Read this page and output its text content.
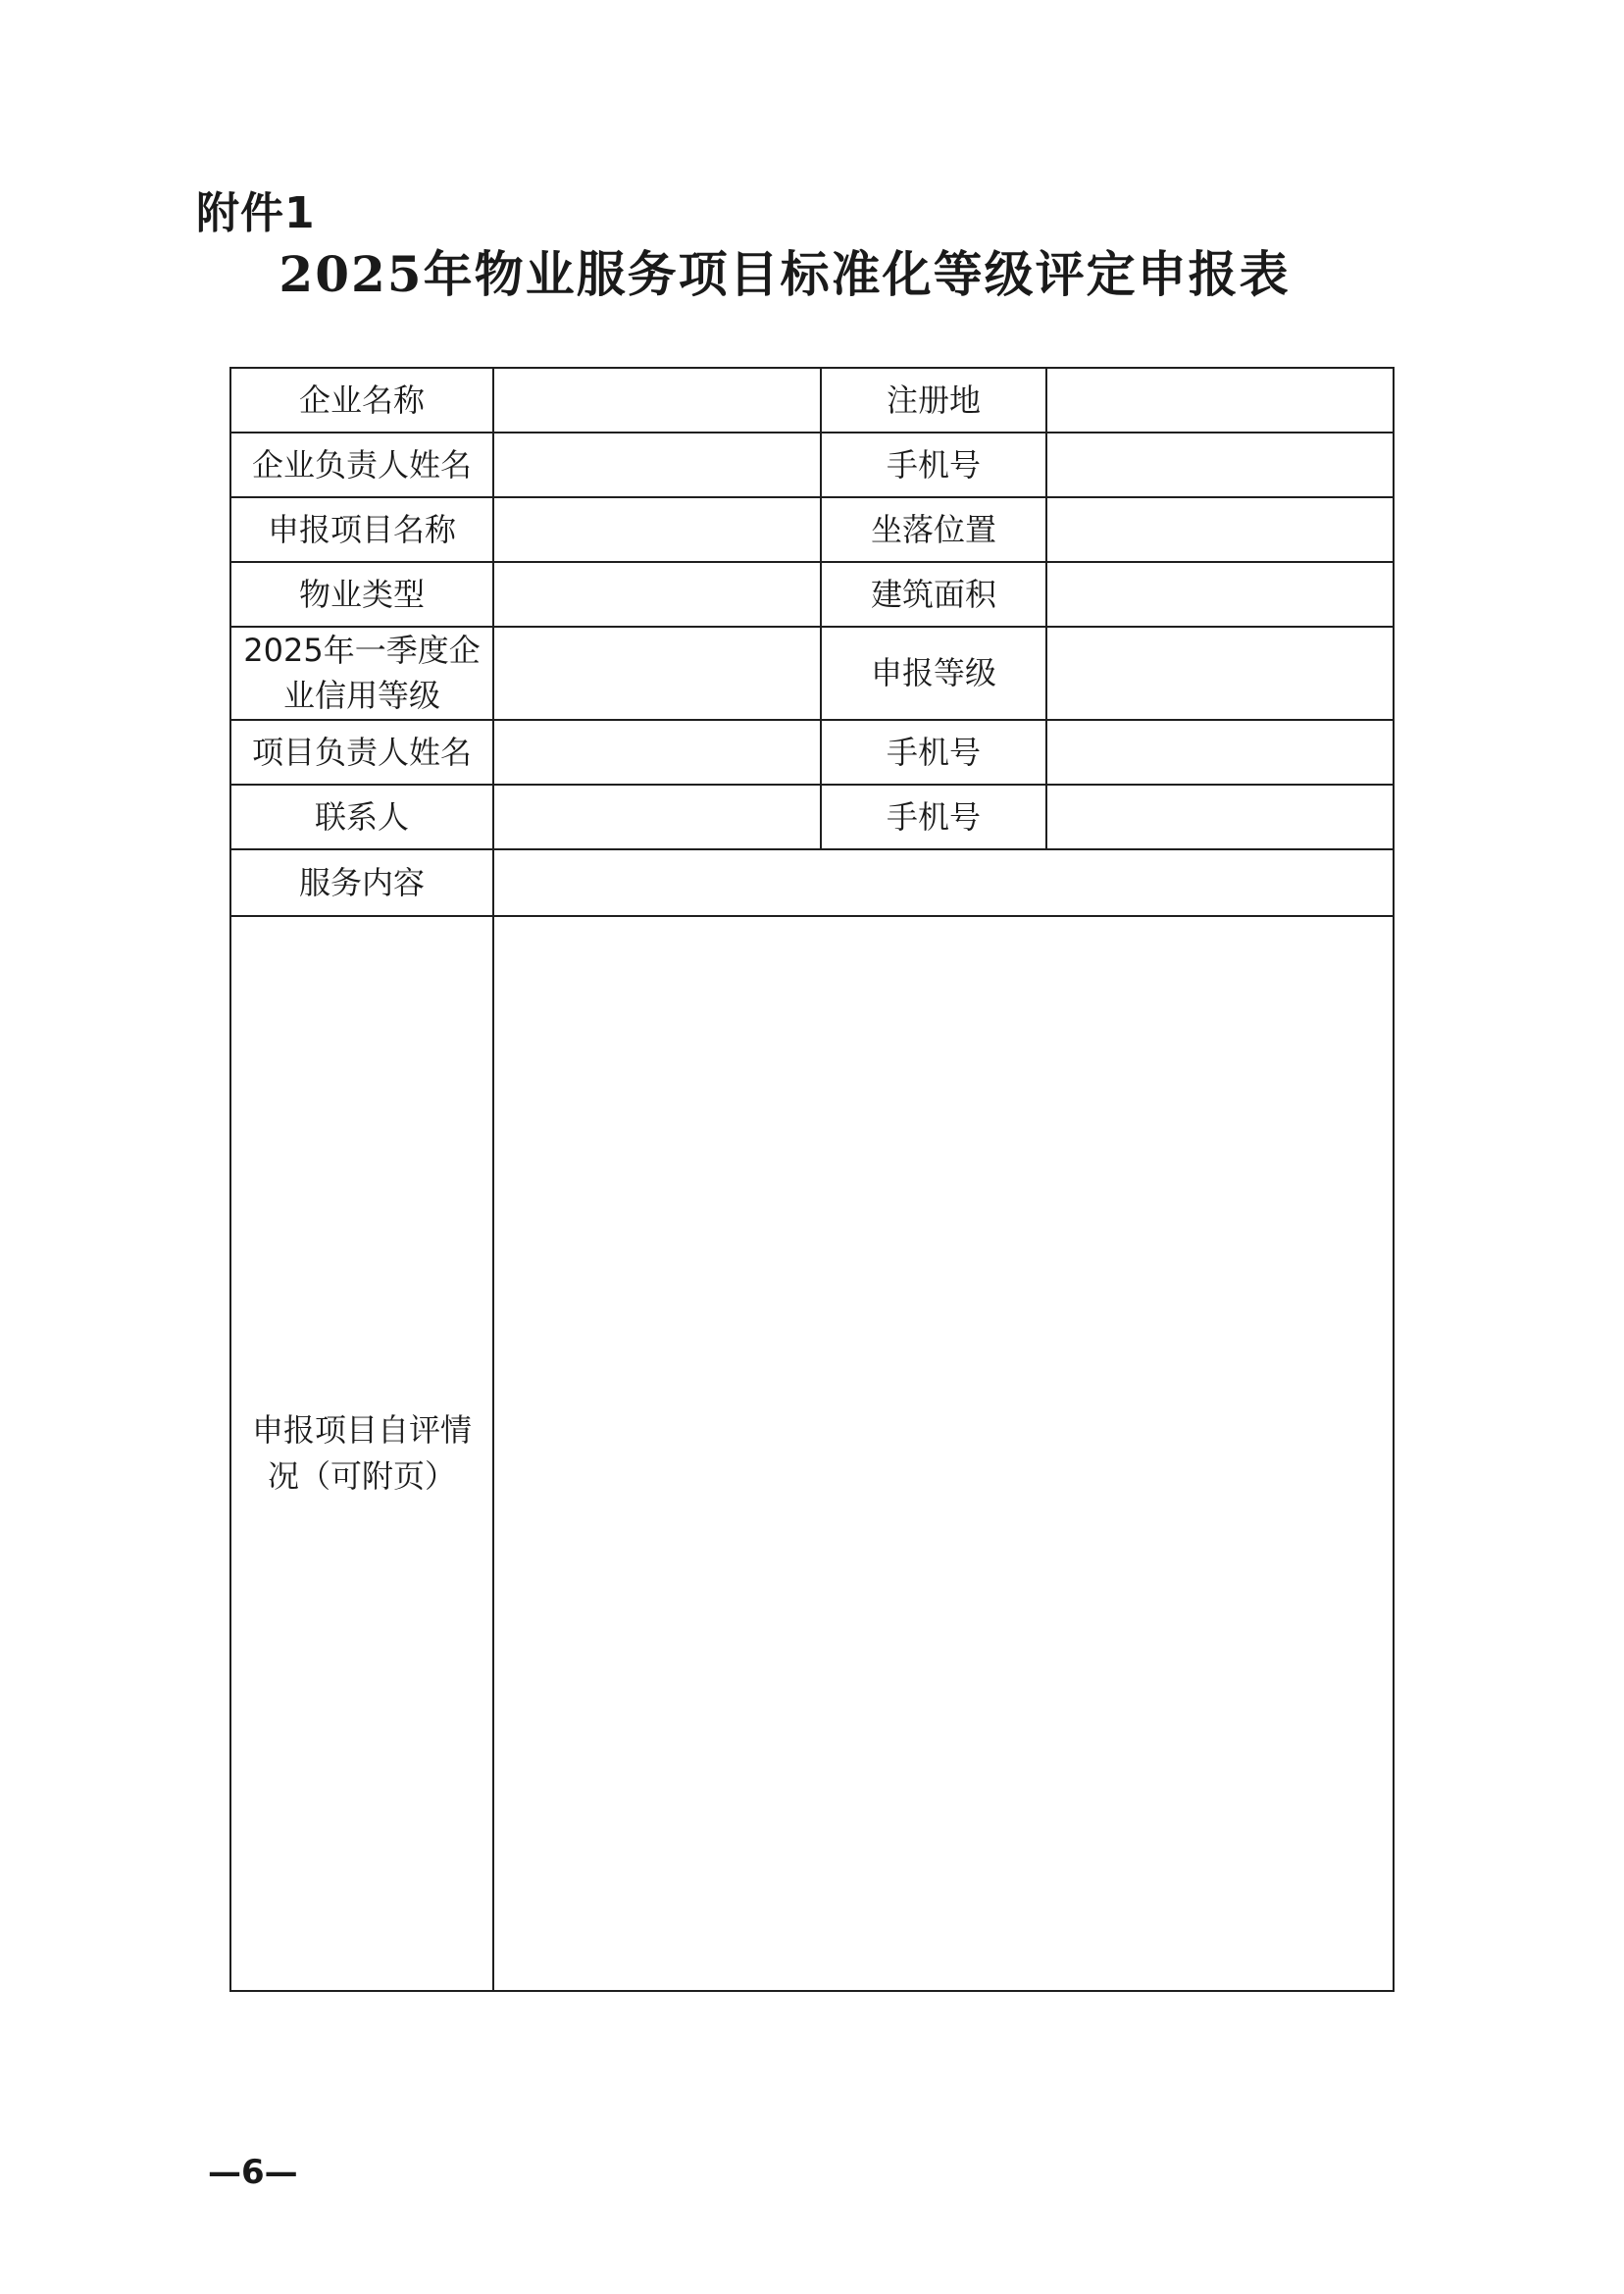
附件1
2025年物业服务项目标准化等级评定申报表
企业名称		注册地	
企业负责人姓名		手机号	
申报项目名称		坐落位置	
物业类型		建筑面积	
2025年一季度企业信用等级		申报等级	
项目负责人姓名		手机号	
联系人		手机号	
服务内容			
申报项目自评情况（可附页）			
—6—
